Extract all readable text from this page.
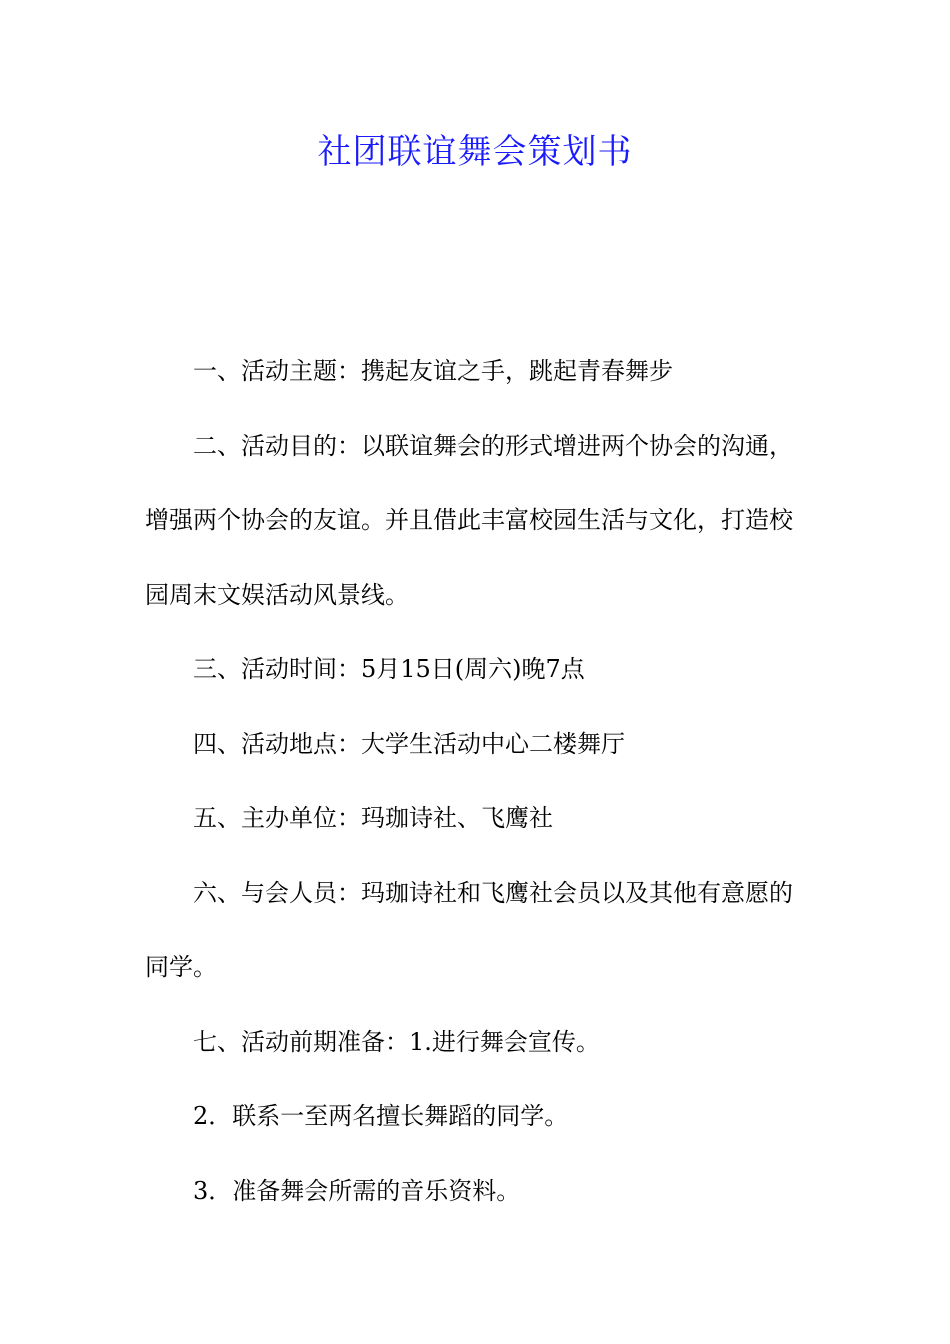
社团联谊舞会策划书

一、活动主题：携起友谊之手，跳起青春舞步

二、活动目的：以联谊舞会的形式增进两个协会的沟通，增强两个协会的友谊。并且借此丰富校园生活与文化，打造校园周末文娱活动风景线。

三、活动时间：5月15日(周六)晚7点

四、活动地点：大学生活动中心二楼舞厅

五、主办单位：玛珈诗社、飞鹰社

六、与会人员：玛珈诗社和飞鹰社会员以及其他有意愿的同学。

七、活动前期准备：1.进行舞会宣传。

2．联系一至两名擅长舞蹈的同学。

3．准备舞会所需的音乐资料。
